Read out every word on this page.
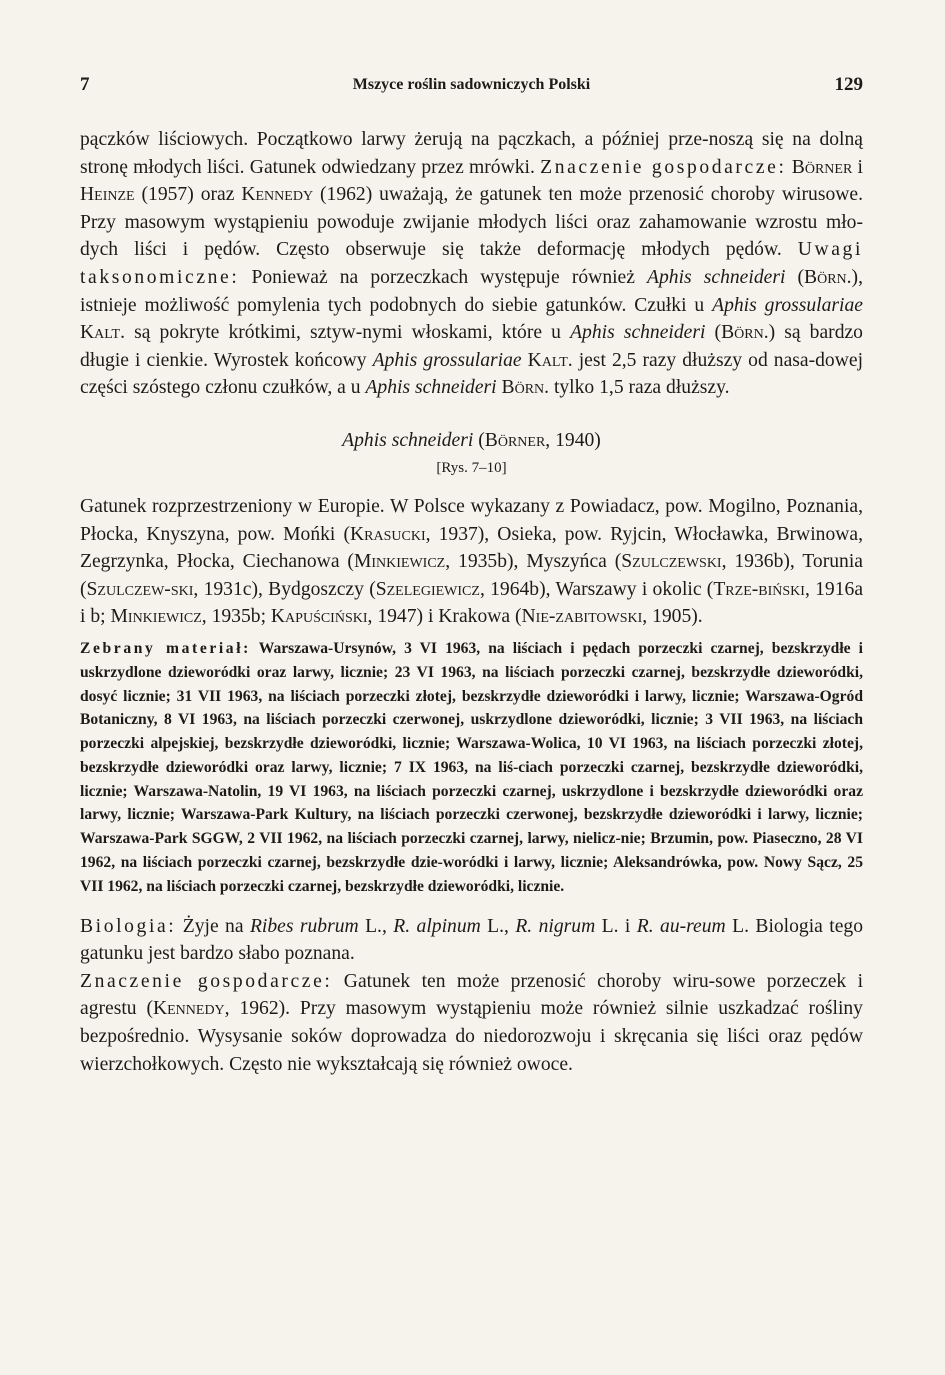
7	Mszyce roślin sadowniczych Polski	129

pączków liściowych. Początkowo larwy żerują na pączkach, a później prze-noszą się na dolną stronę młodych liści. Gatunek odwiedzany przez mrówki. Znaczenie gospodarcze: Börner i Heinze (1957) oraz Kennedy (1962) uważają, że gatunek ten może przenosić choroby wirusowe. Przy masowym wystąpieniu powoduje zwijanie młodych liści oraz zahamowanie wzrostu mło-dych liści i pędów. Często obserwuje się także deformację młodych pędów. Uwagi taksonomiczne: Ponieważ na porzeczkach występuje również Aphis schneideri (Börn.), istnieje możliwość pomylenia tych podobnych do siebie gatunków. Czułki u Aphis grossulariae Kalt. są pokryte krótkimi, sztyw-nymi włoskami, które u Aphis schneideri (Börn.) są bardzo długie i cienkie. Wyrostek końcowy Aphis grossulariae Kalt. jest 2,5 razy dłuższy od nasa-dowej części szóstego członu czułków, a u Aphis schneideri Börn. tylko 1,5 raza dłuższy.

Aphis schneideri (Börner, 1940)
[Rys. 7–10]

Gatunek rozprzestrzeniony w Europie. W Polsce wykazany z Powiadacz, pow. Mogilno, Poznania, Płocka, Knyszyna, pow. Mońki (Krasucki, 1937), Osieka, pow. Ryjcin, Włocławka, Brwinowa, Zegrzynka, Płocka, Ciechanowa (Minkiewicz, 1935b), Myszyńca (Szulczewski, 1936b), Torunia (Szulczew-ski, 1931c), Bydgoszczy (Szelegiewicz, 1964b), Warszawy i okolic (Trze-biński, 1916a i b; Minkiewicz, 1935b; Kapuściński, 1947) i Krakowa (Nie-zabitowski, 1905).

Zebrany materiał: Warszawa-Ursynów, 3 VI 1963, na liściach i pędach porzeczki czarnej, bezskrzydłe i uskrzydlone dzieworódki oraz larwy, licznie; 23 VI 1963, na liściach porzeczki czarnej, bezskrzydłe dzieworódki, dosyć licznie; 31 VII 1963, na liściach porzeczki złotej, bezskrzydłe dzieworódki i larwy, licznie; Warszawa-Ogród Botaniczny, 8 VI 1963, na liściach porzeczki czerwonej, uskrzydlone dzieworódki, licznie; 3 VII 1963, na liściach porzeczki alpejskiej, bezskrzydłe dzieworódki, licznie; Warszawa-Wolica, 10 VI 1963, na liściach porzeczki złotej, bezskrzydłe dzieworódki oraz larwy, licznie; 7 IX 1963, na liś-ciach porzeczki czarnej, bezskrzydłe dzieworódki, licznie; Warszawa-Natolin, 19 VI 1963, na liściach porzeczki czarnej, uskrzydlone i bezskrzydłe dzieworódki oraz larwy, licznie; Warszawa-Park Kultury, na liściach porzeczki czerwonej, bezskrzydłe dzieworódki i larwy, licznie; Warszawa-Park SGGW, 2 VII 1962, na liściach porzeczki czarnej, larwy, nielicz-nie; Brzumin, pow. Piaseczno, 28 VI 1962, na liściach porzeczki czarnej, bezskrzydłe dzie-woródki i larwy, licznie; Aleksandrówka, pow. Nowy Sącz, 25 VII 1962, na liściach porzeczki czarnej, bezskrzydłe dzieworódki, licznie.

Biologia: Żyje na Ribes rubrum L., R. alpinum L., R. nigrum L. i R. au-reum L. Biologia tego gatunku jest bardzo słabo poznana.

Znaczenie gospodarcze: Gatunek ten może przenosić choroby wiru-sowe porzeczek i agrestu (Kennedy, 1962). Przy masowym wystąpieniu może również silnie uszkadzać rośliny bezpośrednio. Wysysanie soków doprowadza do niedorozwoju i skręcania się liści oraz pędów wierzchołkowych. Często nie wykształcają się również owoce.
